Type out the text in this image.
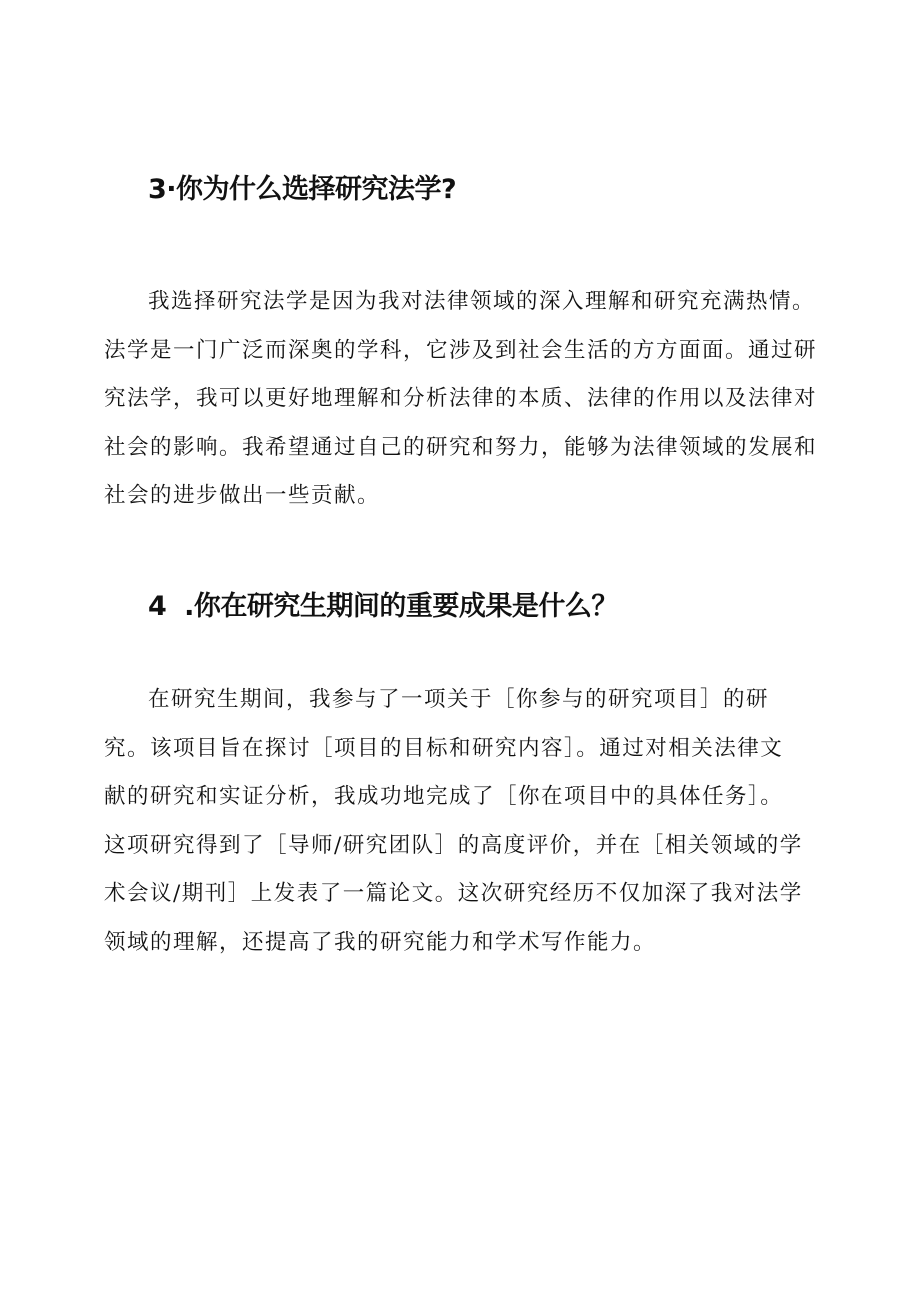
3·你为什么选择研究法学?

我选择研究法学是因为我对法律领域的深入理解和研究充满热情。
法学是一门广泛而深奥的学科，它涉及到社会生活的方方面面。通过研
究法学，我可以更好地理解和分析法律的本质、法律的作用以及法律对
社会的影响。我希望通过自己的研究和努力，能够为法律领域的发展和
社会的进步做出一些贡献。

4  .你在研究生期间的重要成果是什么？

在研究生期间，我参与了一项关于［你参与的研究项目］的研
究。该项目旨在探讨［项目的目标和研究内容］。通过对相关法律文
献的研究和实证分析，我成功地完成了［你在项目中的具体任务］。
这项研究得到了［导师/研究团队］的高度评价，并在［相关领域的学
术会议/期刊］上发表了一篇论文。这次研究经历不仅加深了我对法学
领域的理解，还提高了我的研究能力和学术写作能力。
